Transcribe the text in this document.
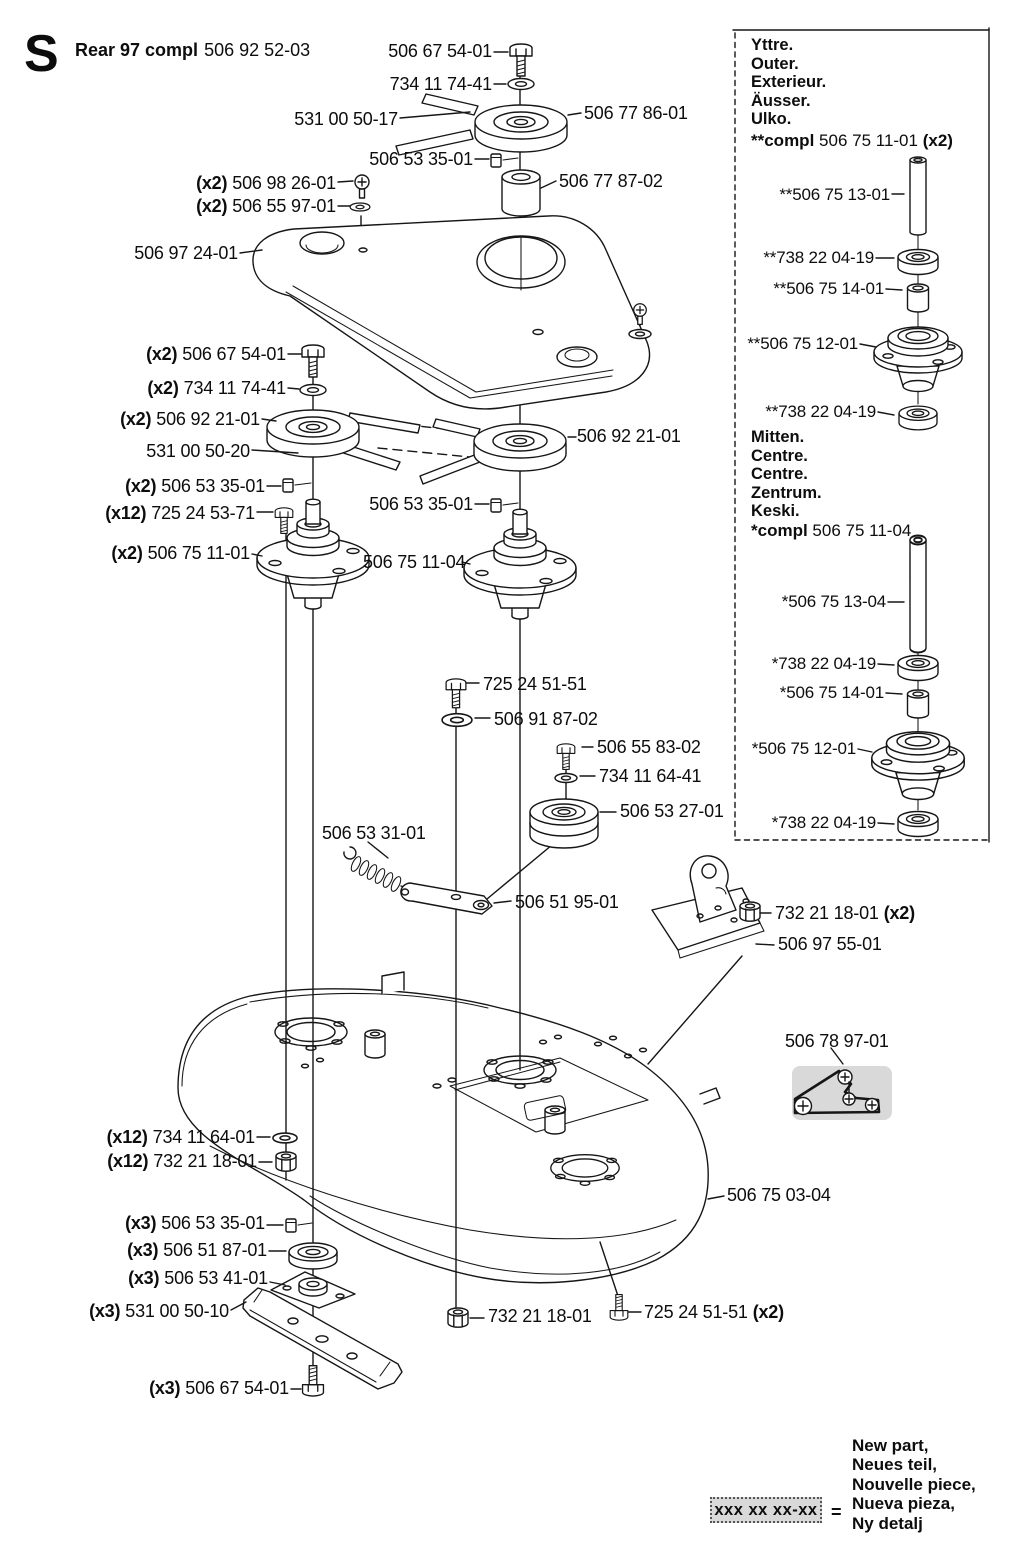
S Rear 97 compl 506 92 52-03	506 67 54-01
734 11 74-41
531 00 50-17	506 77 86-01
506 53 35-01
506 77 87-02
(x2) 506 98 26-01
(x2) 506 55 97-01
506 97 24-01
(x2) 506 67 54-01
(x2) 734 11 74-41
(x2) 506 92 21-01
531 00 50-20
506 92 21-01
(x2) 506 53 35-01
506 53 35-01
(x12) 725 24 53-71
(x2) 506 75 11-01	506 75 11-04
725 24 51-51
506 91 87-02
506 55 83-02
734 11 64-41
506 53 27-01
506 53 31-01
506 51 95-01
732 21 18-01 (x2)
506 97 55-01
506 78 97-01
(x12) 734 11 64-01
(x12) 732 21 18-01
(x3) 506 53 35-01
(x3) 506 51 87-01
(x3) 506 53 41-01
(x3) 531 00 50-10
506 75 03-04
732 21 18-01	725 24 51-51 (x2)
(x3) 506 67 54-01
Yttre.
Outer.
Exterieur.
Äusser.
Ulko.
**compl 506 75 11-01 (x2)
**506 75 13-01
**738 22 04-19
**506 75 14-01
**506 75 12-01
**738 22 04-19
Mitten.
Centre.
Centre.
Zentrum.
Keski.
*compl 506 75 11-04
*506 75 13-04
*738 22 04-19
*506 75 14-01
*506 75 12-01
*738 22 04-19
xxx xx xx-xx =
New part,
Neues teil,
Nouvelle piece,
Nueva pieza,
Ny detalj
